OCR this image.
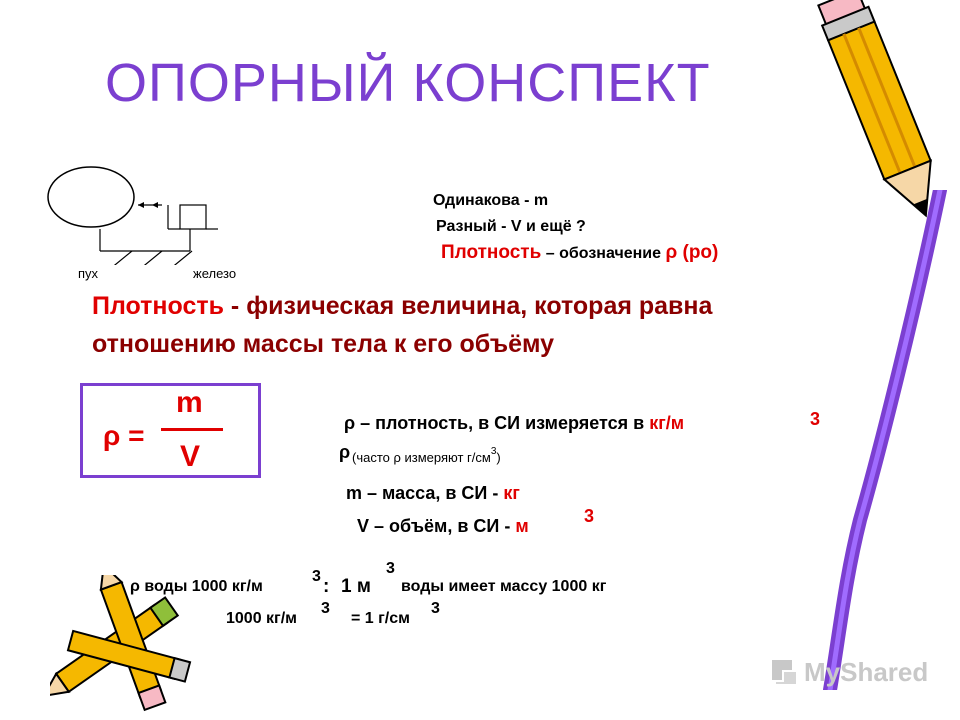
ОПОРНЫЙ КОНСПЕКТ
пух	железо
Одинакова - m
Разный - V и ещё ?
Плотность – обозначение ρ (ро)
Плотность - физическая величина, которая равна
отношению массы тела к его объёму
ρ =
m
V
ρ – плотность, в СИ измеряется в кг/м	3
ρ (часто ρ измеряют $г/см^3$)
m – масса, в СИ - кг
V – объём, в СИ - м	3
ρ воды 1000 кг/м
3 : 1 м
3
воды имеет массу 1000 кг
1000 кг/м
3
= 1 г/см
3
MyShared
